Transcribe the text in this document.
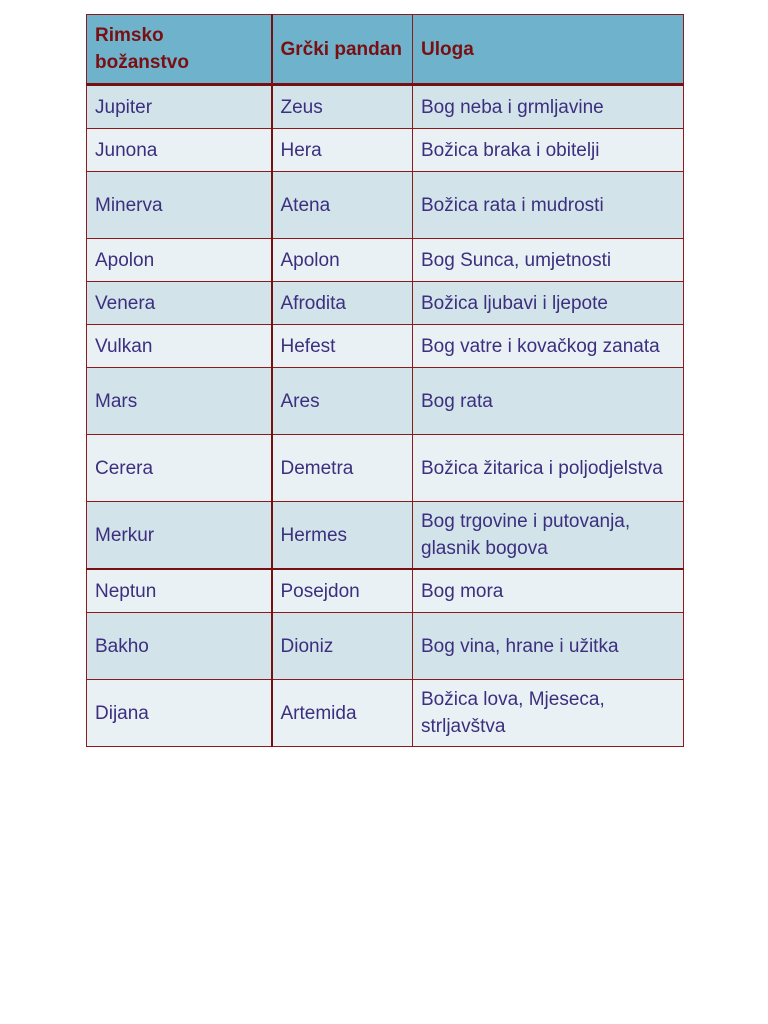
Rimsko božanstvo	Grčki pandan	Uloga
Jupiter	Zeus	Bog neba i grmljavine
Junona	Hera	Božica braka i obitelji
Minerva	Atena	Božica rata i mudrosti
Apolon	Apolon	Bog Sunca, umjetnosti
Venera	Afrodita	Božica ljubavi i ljepote
Vulkan	Hefest	Bog vatre i kovačkog zanata
Mars	Ares	Bog rata
Cerera	Demetra	Božica žitarica i poljodjelstva
Merkur	Hermes	Bog trgovine i putovanja, glasnik bogova
Neptun	Posejdon	Bog mora
Bakho	Dioniz	Bog vina, hrane i užitka
Dijana	Artemida	Božica lova, Mjeseca, strljavštva
